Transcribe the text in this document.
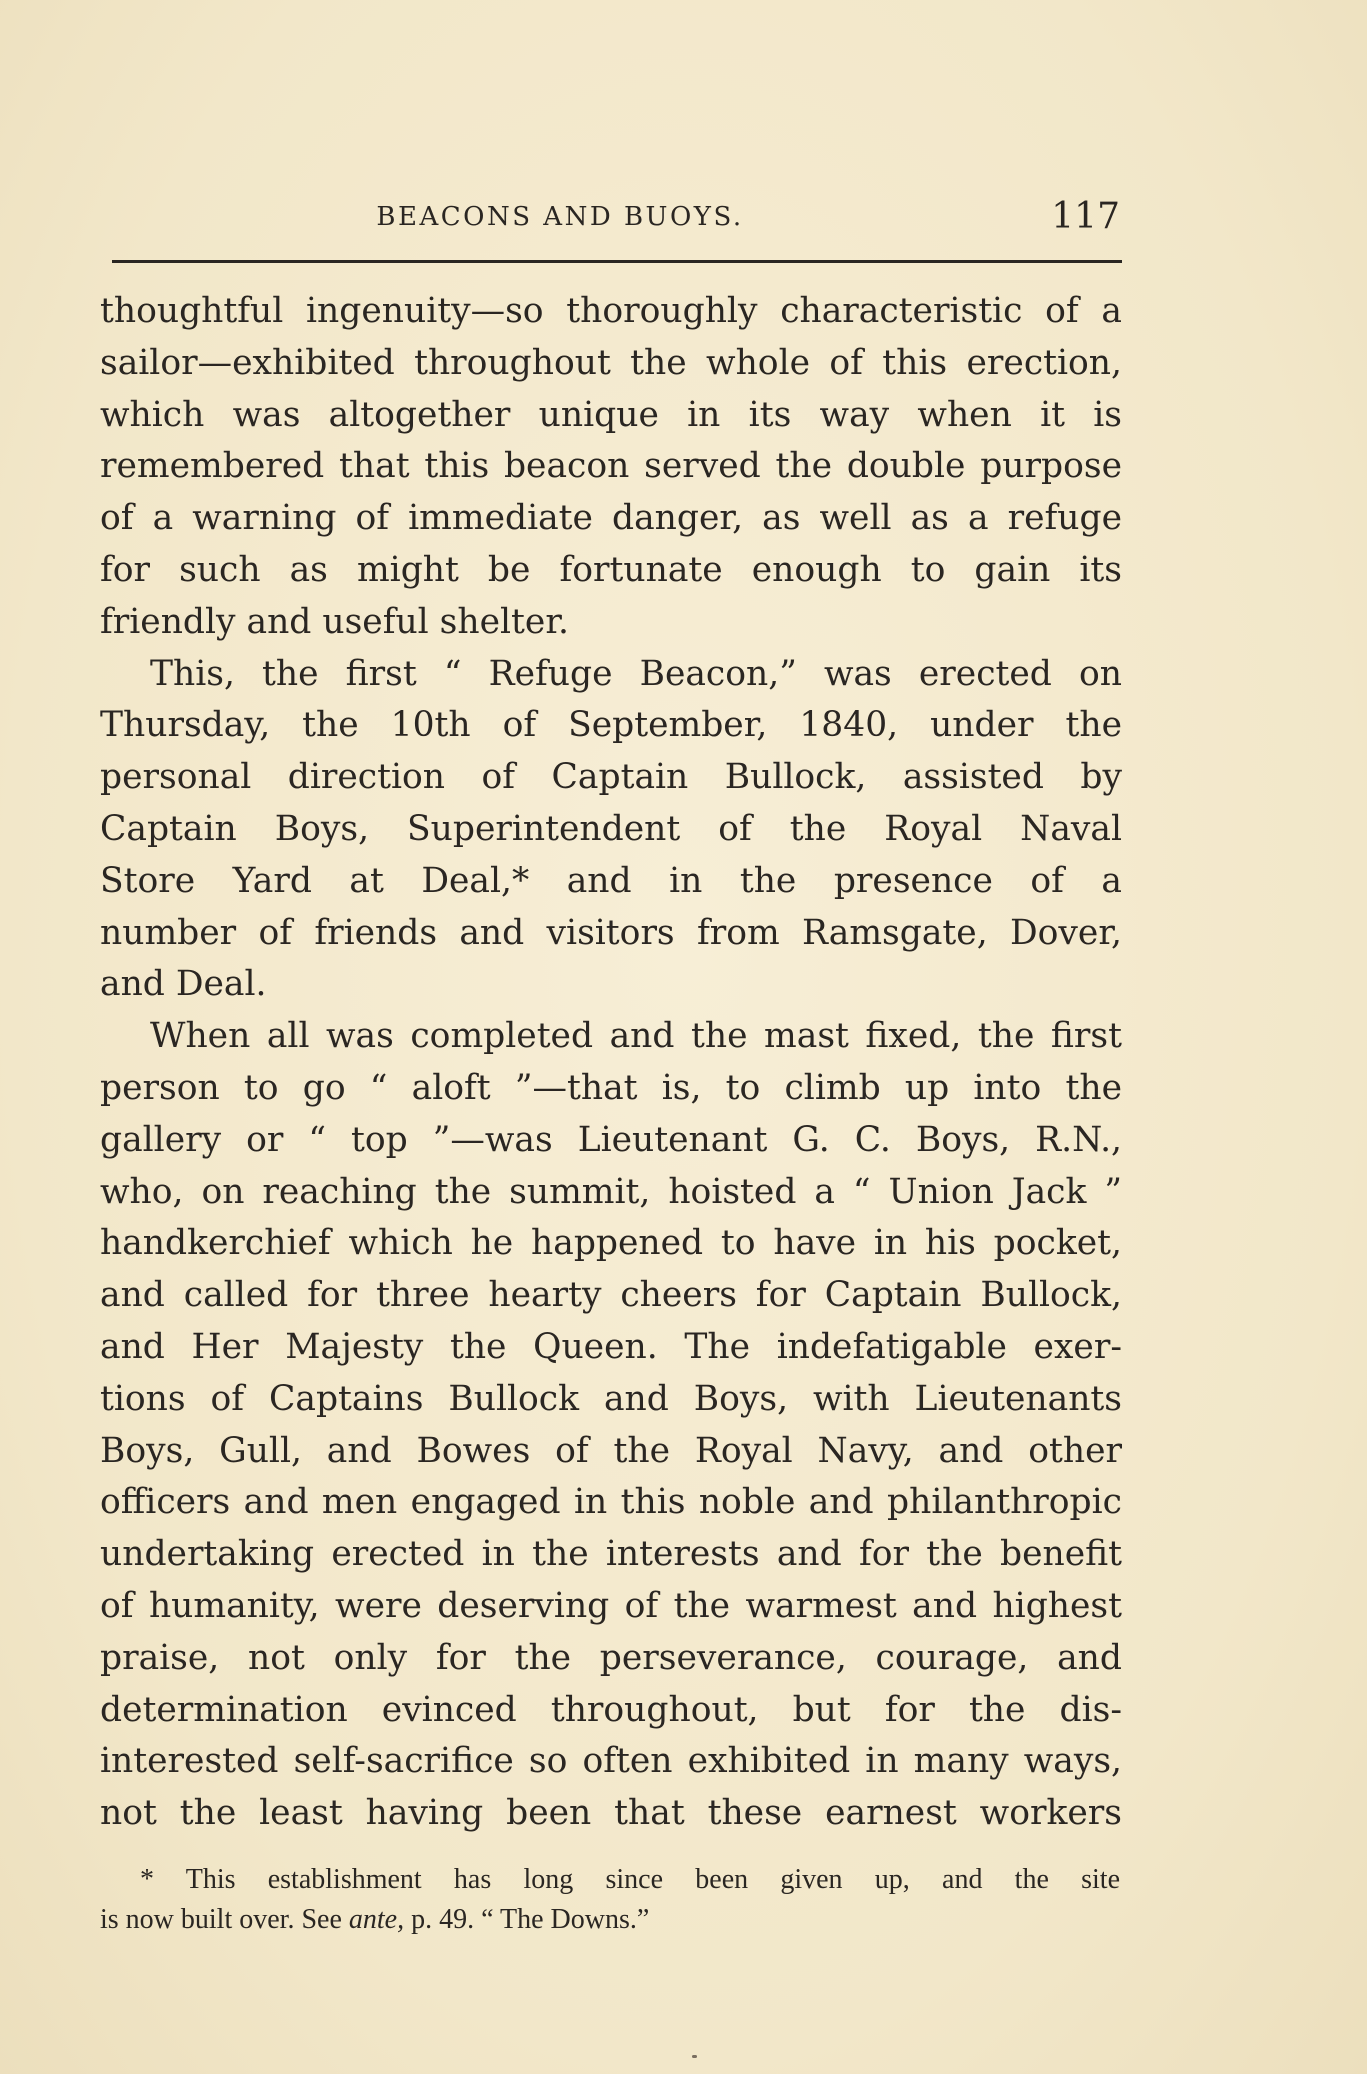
BEACONS AND BUOYS.	117
thoughtful ingenuity—so thoroughly characteristic of a
sailor—exhibited throughout the whole of this erection,
which was altogether unique in its way when it is
remembered that this beacon served the double purpose
of a warning of immediate danger, as well as a refuge
for such as might be fortunate enough to gain its
friendly and useful shelter.
This, the first “ Refuge Beacon,” was erected on
Thursday, the 10th of September, 1840, under the
personal direction of Captain Bullock, assisted by
Captain Boys, Superintendent of the Royal Naval
Store Yard at Deal,* and in the presence of a
number of friends and visitors from Ramsgate, Dover,
and Deal.
When all was completed and the mast fixed, the first
person to go “ aloft ”—that is, to climb up into the
gallery or “ top ”—was Lieutenant G. C. Boys, R.N.,
who, on reaching the summit, hoisted a “ Union Jack ”
handkerchief which he happened to have in his pocket,
and called for three hearty cheers for Captain Bullock,
and Her Majesty the Queen. The indefatigable exer-
tions of Captains Bullock and Boys, with Lieutenants
Boys, Gull, and Bowes of the Royal Navy, and other
officers and men engaged in this noble and philanthropic
undertaking erected in the interests and for the benefit
of humanity, were deserving of the warmest and highest
praise, not only for the perseverance, courage, and
determination evinced throughout, but for the dis-
interested self-sacrifice so often exhibited in many ways,
not the least having been that these earnest workers
* This establishment has long since been given up, and the site
is now built over. See ante, p. 49. “ The Downs.”
